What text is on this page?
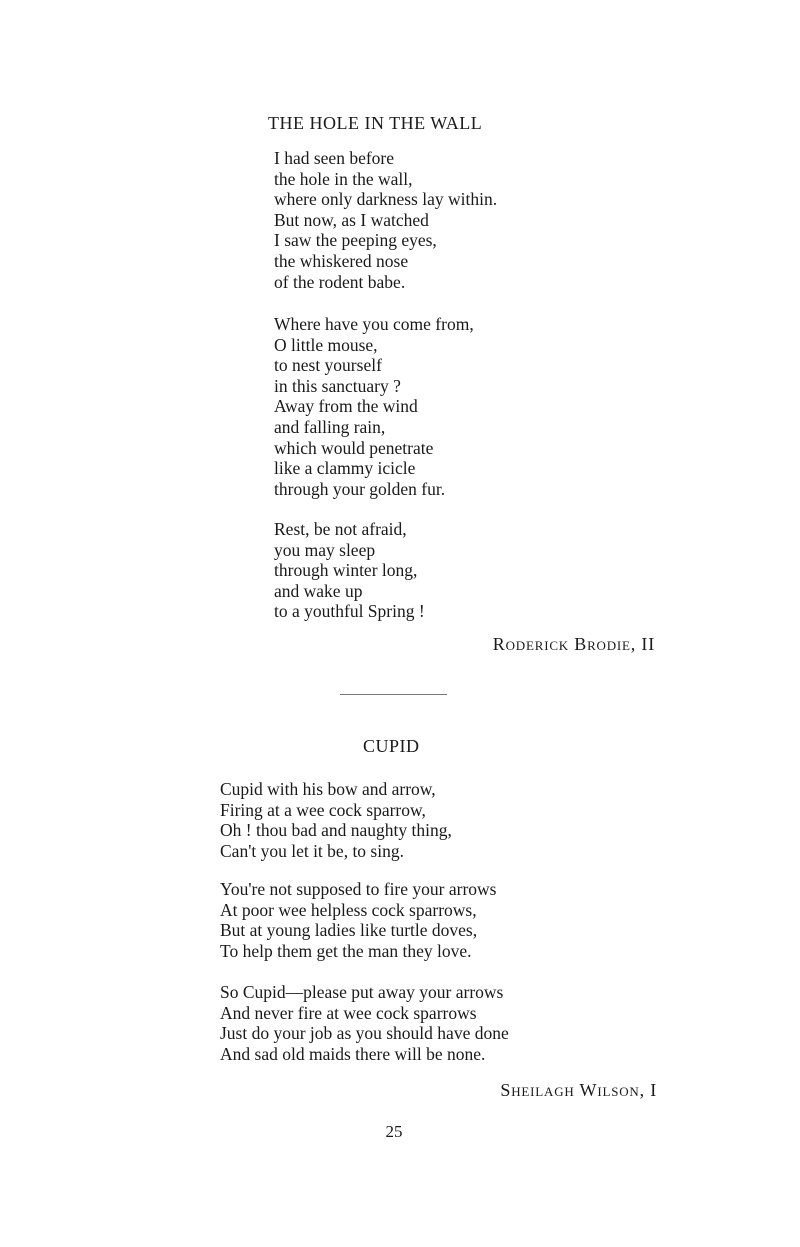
THE HOLE IN THE WALL
I had seen before
the hole in the wall,
where only darkness lay within.
But now, as I watched
I saw the peeping eyes,
the whiskered nose
of the rodent babe.
Where have you come from,
O little mouse,
to nest yourself
in this sanctuary ?
Away from the wind
and falling rain,
which would penetrate
like a clammy icicle
through your golden fur.
Rest, be not afraid,
you may sleep
through winter long,
and wake up
to a youthful Spring !

Roderick Brodie, II

CUPID
Cupid with his bow and arrow,
Firing at a wee cock sparrow,
Oh ! thou bad and naughty thing,
Can't you let it be, to sing.
You're not supposed to fire your arrows
At poor wee helpless cock sparrows,
But at young ladies like turtle doves,
To help them get the man they love.
So Cupid—please put away your arrows
And never fire at wee cock sparrows
Just do your job as you should have done
And sad old maids there will be none.

Sheilagh Wilson, I

25
